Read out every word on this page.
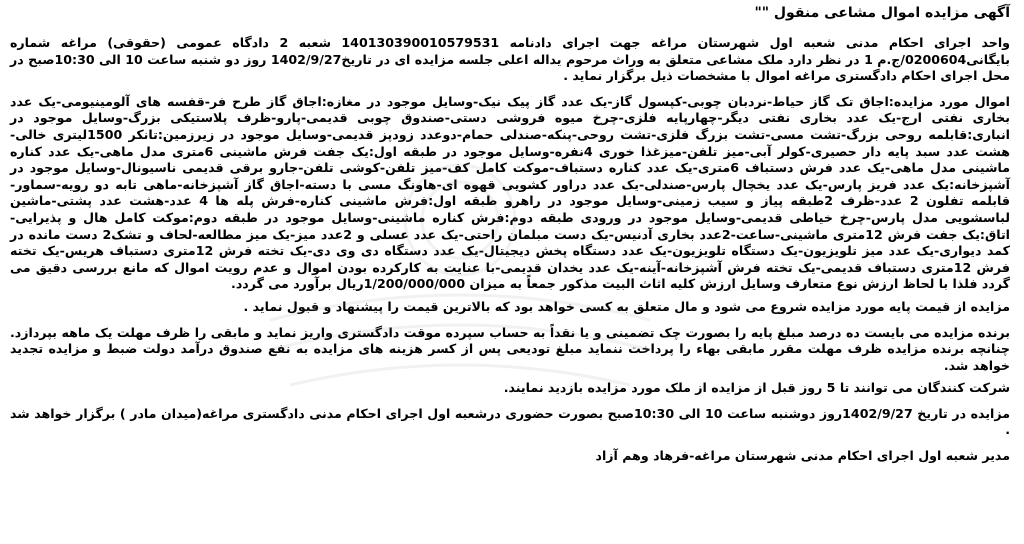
آگهی مزایده اموال مشاعی منقول ""

واحد اجرای احکام مدنی شعبه اول شهرستان مراغه جهت اجرای دادنامه 140130390010579531 شعبه 2 دادگاه عمومی (حقوقی) مراغه شماره بایگانی0200604/ج.م 1 در نظر دارد ملک مشاعی متعلق به وراث مرحوم یداله اعلی جلسه مزایده ای در تاریخ1402/9/27 روز دو شنبه ساعت 10 الی 10:30صبح در محل اجرای احکام دادگستری مراغه اموال با مشخصات ذیل برگزار نماید .

اموال مورد مزایده:اجاق تک گاز حیاط-نردبان چوبی-کپسول گاز-یک عدد گاز پیک نیک-وسایل موجود در مغازه:اجاق گاز طرح فر-قفسه های آلومینیومی-یک عدد بخاری نفتی ارج-یک عدد بخاری نفتی دیگر-چهارپایه فلزی-چرخ میوه فروشی دستی-صندوق چوبی قدیمی-پارو-ظرف پلاستیکی بزرگ-وسایل موجود در انباری:قابلمه روحی بزرگ-تشت مسی-تشت بزرگ فلزی-تشت روحی-پنکه-صندلی حمام-دوعدد زودپز قدیمی-وسایل موجود در زیرزمین:تانکر 1500لیتری خالی-هشت عدد سبد پایه دار حصیری-کولر آبی-میز تلفن-میزغذا خوری 4نفره-وسایل موجود در طبقه اول:یک جفت فرش ماشینی 6متری مدل ماهی-یک عدد کناره ماشینی مدل ماهی-یک عدد فرش دستباف 6متری-یک عدد کناره دستباف-موکت کامل کف-میز تلفن-کوشی تلفن-جارو برقی قدیمی ناسیونال-وسایل موجود در آشپزخانه:یک عدد فریز پارس-یک عدد یخچال پارس-صندلی-یک عدد دراور کشویی قهوه ای-هاونگ مسی با دسته-اجاق گاز آشپزخانه-ماهی تابه دو رویه-سماور-قابلمه تفلون 2 عدد-ظرف 2طبقه پیاز و سیب زمینی-وسایل موجود در راهرو طبقه اول:فرش ماشینی کناره-فرش پله ها 4 عدد-هشت عدد پشتی-ماشین لباسشویی مدل پارس-چرخ خیاطی قدیمی-وسایل موجود در ورودی طبقه دوم:فرش کناره ماشینی-وسایل موجود در طبقه دوم:موکت کامل هال و پذیرایی-اتاق:یک جفت فرش 12متری ماشینی-ساعت-2عدد بخاری آدنیس-یک دست مبلمان راحتی-یک عدد عسلی و 2عدد میز-یک میز مطالعه-لحاف و تشک2 دست مانده در کمد دیواری-یک عدد میز تلویزیون-یک دستگاه تلویزیون-یک عدد دستگاه پخش دیجیتال-یک عدد دستگاه دی وی دی-یک تخته فرش 12متری دستباف هریس-یک تخته فرش 12متری دستباف قدیمی-یک تخته فرش آشپزخانه-آینه-یک عدد یخدان قدیمی-با عنایت به کارکرده بودن اموال و عدم رویت اموال که مانع بررسی دقیق می گردد فلذا با لحاظ ارزش نوع متعارف وسایل ارزش کلیه اثاث البیت مذکور جمعاً به میزان 1/200/000/000ریال برآورد می گردد.

مزایده از قیمت پایه مورد مزایده شروع می شود و مال متعلق به کسی خواهد بود که بالاترین قیمت را پیشنهاد و قبول نماید .

برنده مزایده می بایست ده درصد مبلغ پایه را بصورت چک تضمینی و یا نقداً به حساب سپرده موقت دادگستری واریز نماید و مابقی را ظرف مهلت یک ماهه بپردازد. چنانچه برنده مزایده ظرف مهلت مقرر مابقی بهاء را پرداخت ننماید مبلغ تودیعی پس از کسر هزینه های مزایده به نفع صندوق درآمد دولت ضبط و مزایده تجدید خواهد شد.

شرکت کنندگان می توانند تا 5 روز قبل از مزایده از ملک مورد مزایده بازدید نمایند.

مزایده در تاریخ 1402/9/27روز دوشنبه ساعت 10 الی 10:30صبح بصورت حضوری درشعبه اول اجرای احکام مدنی دادگستری مراغه(میدان مادر ) برگزار خواهد شد .

مدیر شعبه اول اجرای احکام مدنی شهرستان مراغه-فرهاد وهم آزاد
